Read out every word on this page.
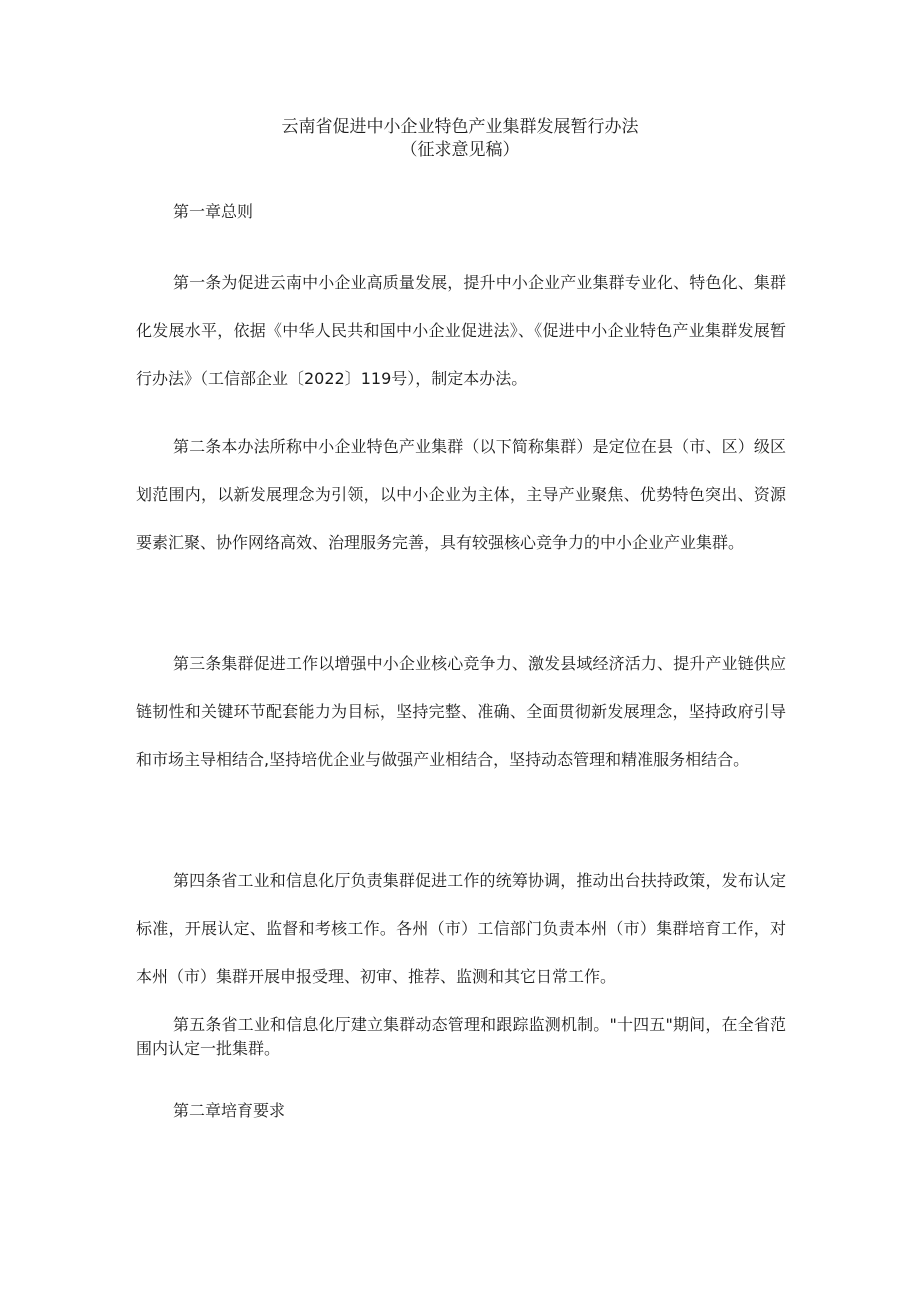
云南省促进中小企业特色产业集群发展暂行办法
（征求意见稿）
第一章总则

第一条为促进云南中小企业高质量发展，提升中小企业产业集群专业化、特色化、集群化发展水平，依据《中华人民共和国中小企业促进法》、《促进中小企业特色产业集群发展暂行办法》（工信部企业〔2022〕119号），制定本办法。

第二条本办法所称中小企业特色产业集群（以下简称集群）是定位在县（市、区）级区划范围内，以新发展理念为引领，以中小企业为主体，主导产业聚焦、优势特色突出、资源要素汇聚、协作网络高效、治理服务完善，具有较强核心竞争力的中小企业产业集群。

第三条集群促进工作以增强中小企业核心竞争力、激发县域经济活力、提升产业链供应链韧性和关键环节配套能力为目标，坚持完整、准确、全面贯彻新发展理念，坚持政府引导和市场主导相结合,坚持培优企业与做强产业相结合，坚持动态管理和精准服务相结合。

第四条省工业和信息化厅负责集群促进工作的统筹协调，推动出台扶持政策，发布认定标准，开展认定、监督和考核工作。各州（市）工信部门负责本州（市）集群培育工作，对本州（市）集群开展申报受理、初审、推荐、监测和其它日常工作。

第五条省工业和信息化厅建立集群动态管理和跟踪监测机制。"十四五"期间，在全省范围内认定一批集群。

第二章培育要求
